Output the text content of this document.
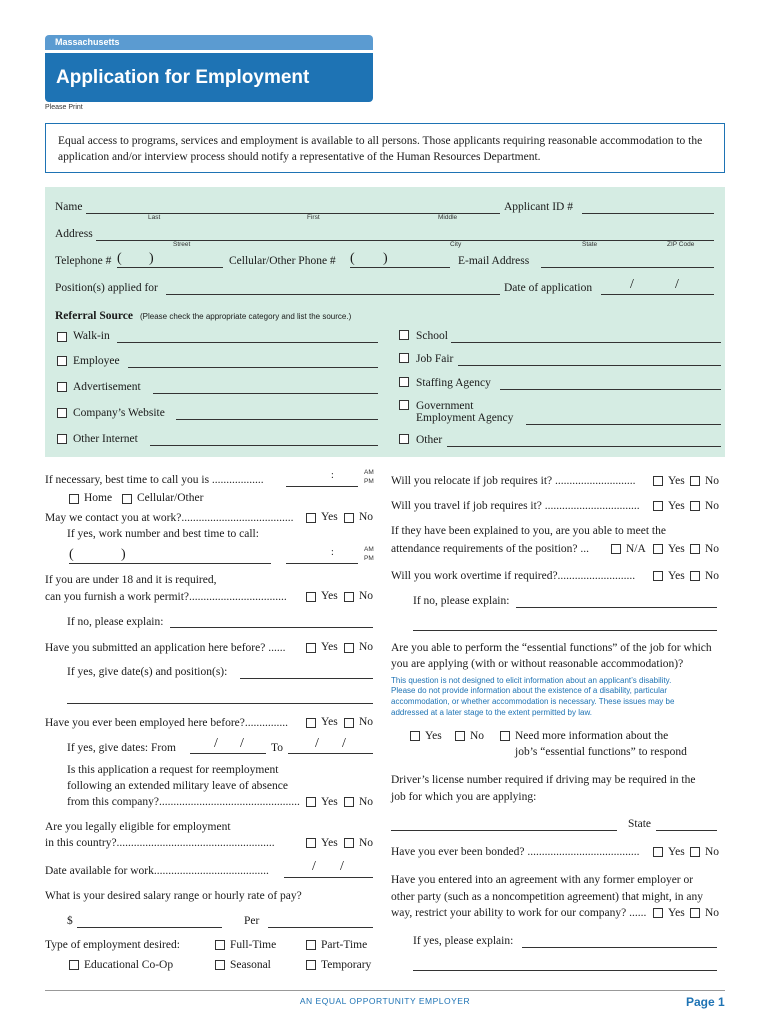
Massachusetts
Application for Employment
Please Print
Equal access to programs, services and employment is available to all persons. Those applicants requiring reasonable accommodation to the application and/or interview process should notify a representative of the Human Resources Department.
Name
Last	First	Middle
Applicant ID #
Address
Street	City	State	ZIP Code
Telephone # ( )	Cellular/Other Phone # ( )	E-mail Address
Position(s) applied for	Date of application	/	/
Referral Source (Please check the appropriate category and list the source.)
Walk-in
Employee
Advertisement
Company’s Website
Other Internet
School
Job Fair
Staffing Agency
Government
Employment Agency
Other
If necessary, best time to call you is ..................	:	AM
PM
Home Cellular/Other
May we contact you at work?....................................... Yes No
If yes, work number and best time to call:
(	)	:	AM
PM
If you are under 18 and it is required,
can you furnish a work permit?..................................	Yes No
If no, please explain:
Have you submitted an application here before? ......	Yes No
If yes, give date(s) and position(s):
Have you ever been employed here before?...............	Yes No
If yes, give dates: From	/ / To / /
Is this application a request for reemployment
following an extended military leave of absence
from this company?................................................. Yes No
Are you legally eligible for employment
in this country?.......................................................	Yes No
Date available for work........................................	/ /
What is your desired salary range or hourly rate of pay?
$	Per
Type of employment desired:	Full-Time	Part-Time
Educational Co-Op	Seasonal	Temporary
Will you relocate if job requires it? ............................	Yes No
Will you travel if job requires it? ................................. Yes No
If they have been explained to you, are you able to meet the
attendance requirements of the position? ...	N/A Yes No
Will you work overtime if required?...........................	Yes No
If no, please explain:
Are you able to perform the “essential functions” of the job for which
you are applying (with or without reasonable accommodation)?
This question is not designed to elicit information about an applicant’s disability.
Please do not provide information about the existence of a disability, particular
accommodation, or whether accommodation is necessary. These issues may be
addressed at a later stage to the extent permitted by law.
Yes No	Need more information about the
job’s “essential functions” to respond
Driver’s license number required if driving may be required in the
job for which you are applying:
State
Have you ever been bonded? ....................................... Yes No
Have you entered into an agreement with any former employer or
other party (such as a noncompetition agreement) that might, in any
way, restrict your ability to work for our company? ...... Yes No
If yes, please explain:
AN EQUAL OPPORTUNITY EMPLOYER	Page 1
